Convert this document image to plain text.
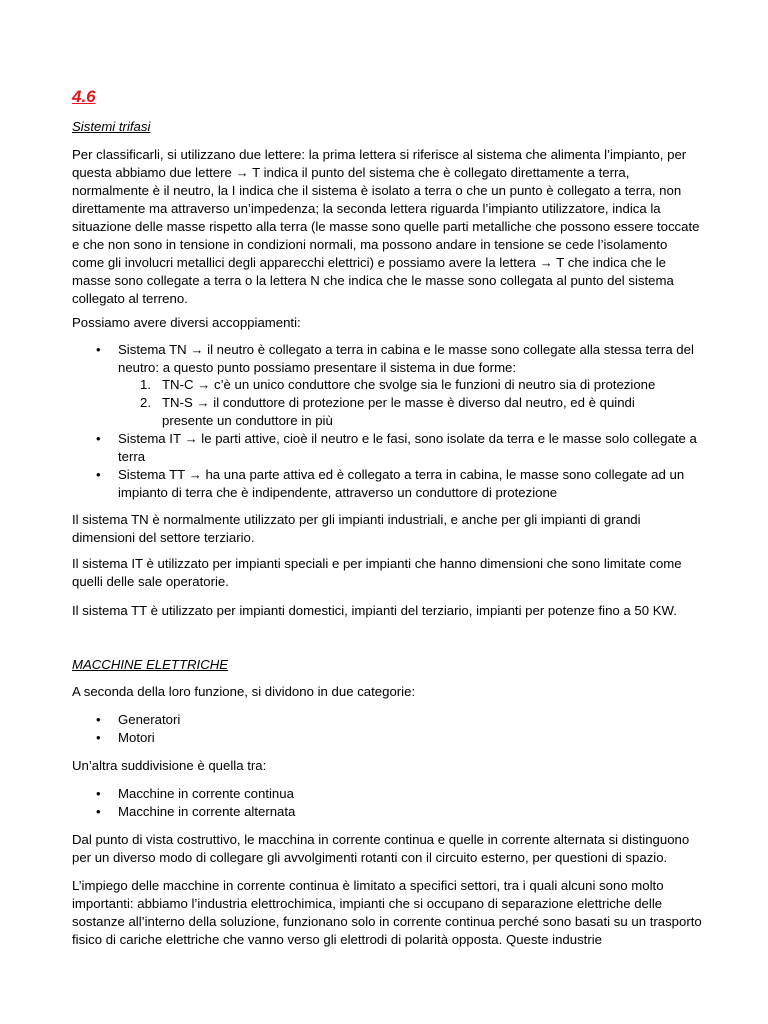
4.6

Sistemi trifasi

Per classificarli, si utilizzano due lettere: la prima lettera si riferisce al sistema che alimenta l’impianto, per questa abbiamo due lettere → T indica il punto del sistema che è collegato direttamente a terra, normalmente è il neutro, la I indica che il sistema è isolato a terra o che un punto è collegato a terra, non direttamente ma attraverso un’impedenza; la seconda lettera riguarda l’impianto utilizzatore, indica la situazione delle masse rispetto alla terra (le masse sono quelle parti metalliche che possono essere toccate e che non sono in tensione in condizioni normali, ma possono andare in tensione se cede l’isolamento come gli involucri metallici degli apparecchi elettrici) e possiamo avere la lettera → T che indica che le masse sono collegate a terra o la lettera N che indica che le masse sono collegata al punto del sistema collegato al terreno.

Possiamo avere diversi accoppiamenti:

• Sistema TN → il neutro è collegato a terra in cabina e le masse sono collegate alla stessa terra del neutro: a questo punto possiamo presentare il sistema in due forme:
1. TN-C → c’è un unico conduttore che svolge sia le funzioni di neutro sia di protezione
2. TN-S → il conduttore di protezione per le masse è diverso dal neutro, ed è quindi presente un conduttore in più
• Sistema IT → le parti attive, cioè il neutro e le fasi, sono isolate da terra e le masse solo collegate a terra
• Sistema TT → ha una parte attiva ed è collegato a terra in cabina, le masse sono collegate ad un impianto di terra che è indipendente, attraverso un conduttore di protezione

Il sistema TN è normalmente utilizzato per gli impianti industriali, e anche per gli impianti di grandi dimensioni del settore terziario.

Il sistema IT è utilizzato per impianti speciali e per impianti che hanno dimensioni che sono limitate come quelli delle sale operatorie.

Il sistema TT è utilizzato per impianti domestici, impianti del terziario, impianti per potenze fino a 50 KW.

MACCHINE ELETTRICHE

A seconda della loro funzione, si dividono in due categorie:

• Generatori
• Motori

Un’altra suddivisione è quella tra:

• Macchine in corrente continua
• Macchine in corrente alternata

Dal punto di vista costruttivo, le macchina in corrente continua e quelle in corrente alternata si distinguono per un diverso modo di collegare gli avvolgimenti rotanti con il circuito esterno, per questioni di spazio.

L’impiego delle macchine in corrente continua è limitato a specifici settori, tra i quali alcuni sono molto importanti: abbiamo l’industria elettrochimica, impianti che si occupano di separazione elettriche delle sostanze all’interno della soluzione, funzionano solo in corrente continua perché sono basati su un trasporto fisico di cariche elettriche che vanno verso gli elettrodi di polarità opposta. Queste industrie
